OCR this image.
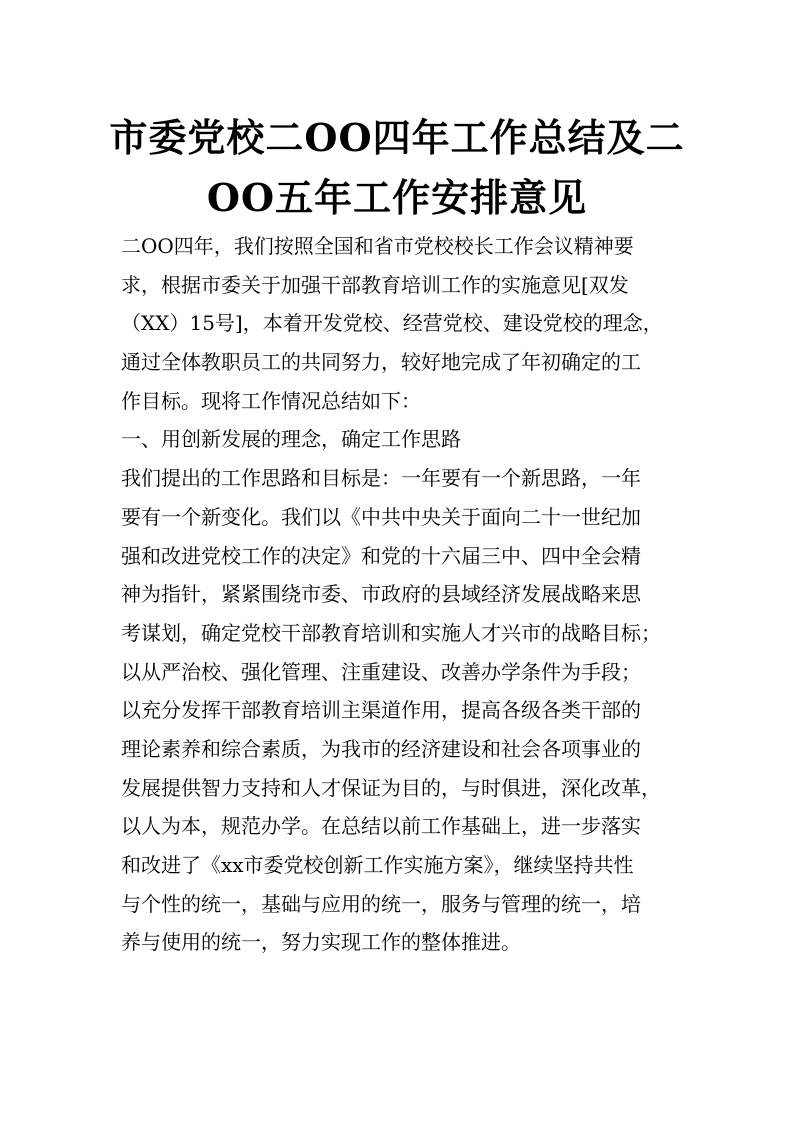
市委党校二OO四年工作总结及二
OO五年工作安排意见
二OO四年，我们按照全国和省市党校校长工作会议精神要
求，根据市委关于加强干部教育培训工作的实施意见[双发
（XX）15号]，本着开发党校、经营党校、建设党校的理念，
通过全体教职员工的共同努力，较好地完成了年初确定的工
作目标。现将工作情况总结如下：
一、用创新发展的理念，确定工作思路
我们提出的工作思路和目标是：一年要有一个新思路，一年
要有一个新变化。我们以《中共中央关于面向二十一世纪加
强和改进党校工作的决定》和党的十六届三中、四中全会精
神为指针，紧紧围绕市委、市政府的县域经济发展战略来思
考谋划，确定党校干部教育培训和实施人才兴市的战略目标；
以从严治校、强化管理、注重建设、改善办学条件为手段；
以充分发挥干部教育培训主渠道作用，提高各级各类干部的
理论素养和综合素质，为我市的经济建设和社会各项事业的
发展提供智力支持和人才保证为目的，与时俱进，深化改革，
以人为本，规范办学。在总结以前工作基础上，进一步落实
和改进了《xx市委党校创新工作实施方案》，继续坚持共性
与个性的统一，基础与应用的统一，服务与管理的统一，培
养与使用的统一，努力实现工作的整体推进。
